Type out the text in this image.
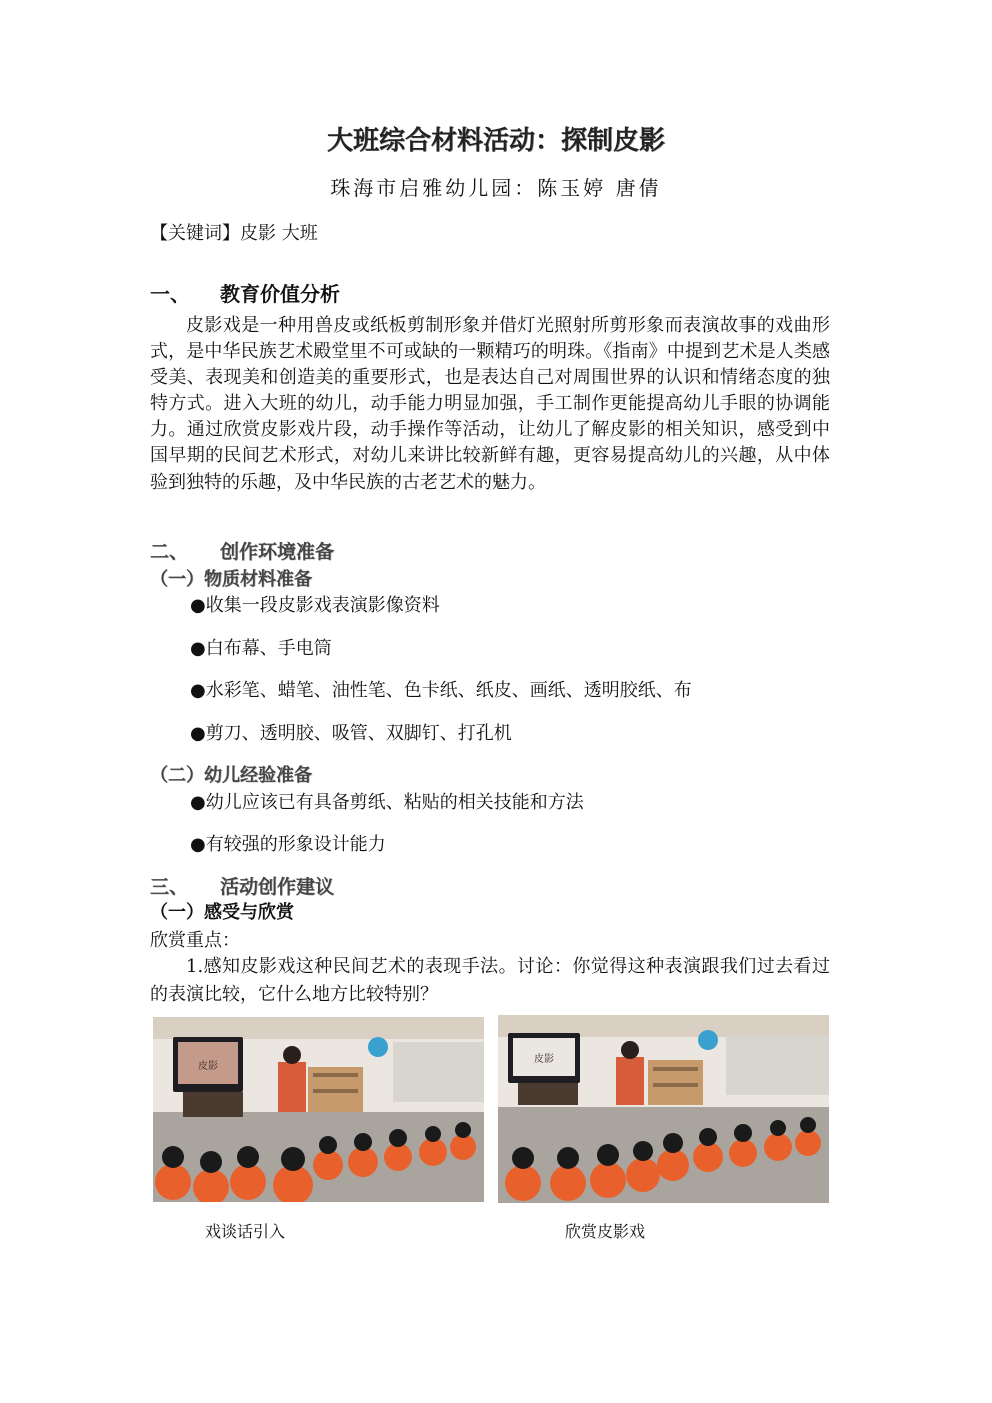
大班综合材料活动：探制皮影
珠海市启雅幼儿园：陈玉婷 唐倩
【关键词】皮影 大班
一、 教育价值分析
皮影戏是一种用兽皮或纸板剪制形象并借灯光照射所剪形象而表演故事的戏曲形式，是中华民族艺术殿堂里不可或缺的一颗精巧的明珠。《指南》中提到艺术是人类感受美、表现美和创造美的重要形式，也是表达自己对周围世界的认识和情绪态度的独特方式。进入大班的幼儿，动手能力明显加强，手工制作更能提高幼儿手眼的协调能力。通过欣赏皮影戏片段，动手操作等活动，让幼儿了解皮影的相关知识，感受到中国早期的民间艺术形式，对幼儿来讲比较新鲜有趣，更容易提高幼儿的兴趣，从中体验到独特的乐趣，及中华民族的古老艺术的魅力。
二、 创作环境准备
（一）物质材料准备
●收集一段皮影戏表演影像资料
●白布幕、手电筒
●水彩笔、蜡笔、油性笔、色卡纸、纸皮、画纸、透明胶纸、布
●剪刀、透明胶、吸管、双脚钉、打孔机
（二）幼儿经验准备
●幼儿应该已有具备剪纸、粘贴的相关技能和方法
●有较强的形象设计能力
三、 活动创作建议
（一）感受与欣赏
欣赏重点：
1.感知皮影戏这种民间艺术的表现手法。讨论：你觉得这种表演跟我们过去看过的表演比较，它什么地方比较特别？
皮影
皮影
戏谈话引入	欣赏皮影戏
